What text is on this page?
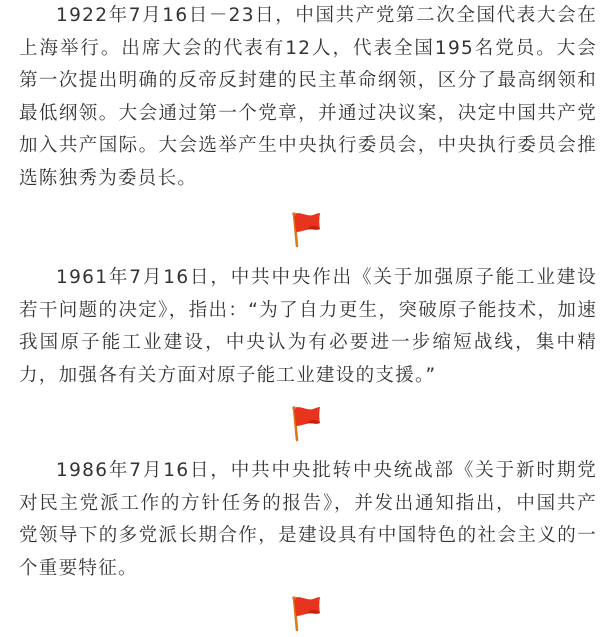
1922年7月16日－23日，中国共产党第二次全国代表大会在上海举行。出席大会的代表有12人，代表全国195名党员。大会第一次提出明确的反帝反封建的民主革命纲领，区分了最高纲领和最低纲领。大会通过第一个党章，并通过决议案，决定中国共产党加入共产国际。大会选举产生中央执行委员会，中央执行委员会推选陈独秀为委员长。

1961年7月16日，中共中央作出《关于加强原子能工业建设若干问题的决定》，指出：“为了自力更生，突破原子能技术，加速我国原子能工业建设，中央认为有必要进一步缩短战线，集中精力，加强各有关方面对原子能工业建设的支援。”

1986年7月16日，中共中央批转中央统战部《关于新时期党对民主党派工作的方针任务的报告》，并发出通知指出，中国共产党领导下的多党派长期合作，是建设具有中国特色的社会主义的一个重要特征。
